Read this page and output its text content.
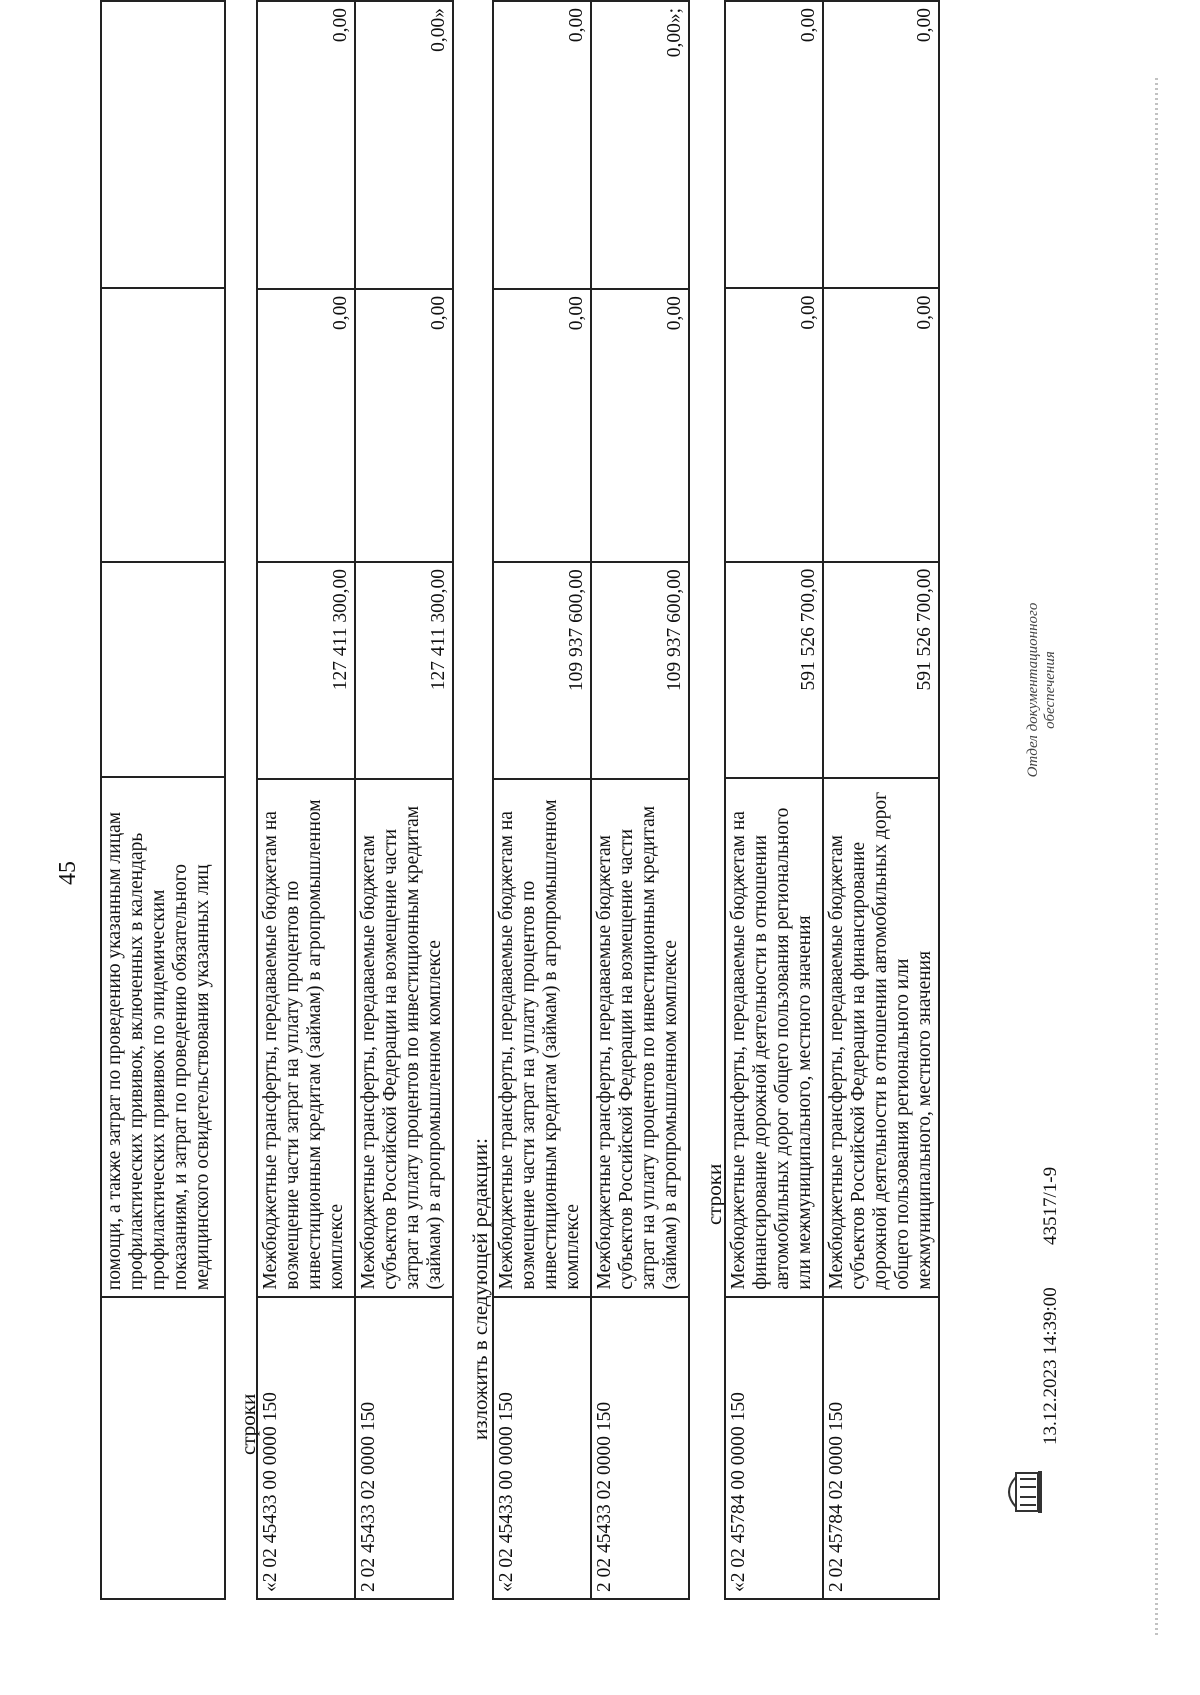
45
	помощи, а также затрат по проведению указанным лицам профилактических прививок, включенных в календарь профилактических прививок по эпидемическим показаниям, и затрат по проведению обязательного медицинского освидетельствования указанных лиц			
строки «2 02 45433 00 0000 150	Межбюджетные трансферты, передаваемые бюджетам на возмещение части затрат на уплату процентов по инвестиционным кредитам (займам) в агропромышленном комплексе	127 411 300,00	0,00	0,00
2 02 45433 02 0000 150	Межбюджетные трансферты, передаваемые бюджетам субъектов Российской Федерации на возмещение части затрат на уплату процентов по инвестиционным кредитам (займам) в агропромышленном комплексе	127 411 300,00	0,00	0,00»
изложить в следующей редакции:
«2 02 45433 00 0000 150	Межбюджетные трансферты, передаваемые бюджетам на возмещение части затрат на уплату процентов по инвестиционным кредитам (займам) в агропромышленном комплексе	109 937 600,00	0,00	0,00
2 02 45433 02 0000 150	Межбюджетные трансферты, передаваемые бюджетам субъектов Российской Федерации на возмещение части затрат на уплату процентов по инвестиционным кредитам (займам) в агропромышленном комплексе	109 937 600,00	0,00	0,00»;
строки
«2 02 45784 00 0000 150	Межбюджетные трансферты, передаваемые бюджетам на финансирование дорожной деятельности в отношении автомобильных дорог общего пользования регионального или межмуниципального, местного значения	591 526 700,00	0,00	0,00
2 02 45784 02 0000 150	Межбюджетные трансферты, передаваемые бюджетам субъектов Российской Федерации на финансирование дорожной деятельности в отношении автомобильных дорог общего пользования регионального или межмуниципального, местного значения	591 526 700,00	0,00	0,00
13.12.2023 14:39:00
43517/1-9
Отдел документационного обеспечения
